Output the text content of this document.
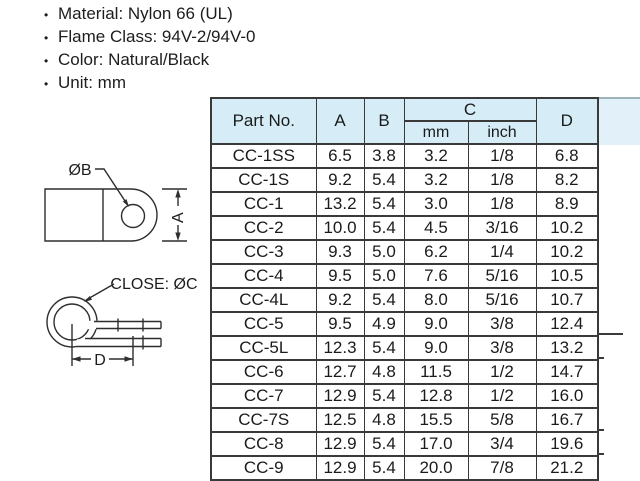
• Material: Nylon 66 (UL)
• Flame Class: 94V-2/94V-0
• Color: Natural/Black
• Unit: mm
ØB
A
CLOSE: ØC
D
Part No.	A	B	C		D
			mm	inch	
CC-1SS	6.5	3.8	3.2	1/8	6.8
CC-1S	9.2	5.4	3.2	1/8	8.2
CC-1	13.2	5.4	3.0	1/8	8.9
CC-2	10.0	5.4	4.5	3/16	10.2
CC-3	9.3	5.0	6.2	1/4	10.2
CC-4	9.5	5.0	7.6	5/16	10.5
CC-4L	9.2	5.4	8.0	5/16	10.7
CC-5	9.5	4.9	9.0	3/8	12.4
CC-5L	12.3	5.4	9.0	3/8	13.2
CC-6	12.7	4.8	11.5	1/2	14.7
CC-7	12.9	5.4	12.8	1/2	16.0
CC-7S	12.5	4.8	15.5	5/8	16.7
CC-8	12.9	5.4	17.0	3/4	19.6
CC-9	12.9	5.4	20.0	7/8	21.2
